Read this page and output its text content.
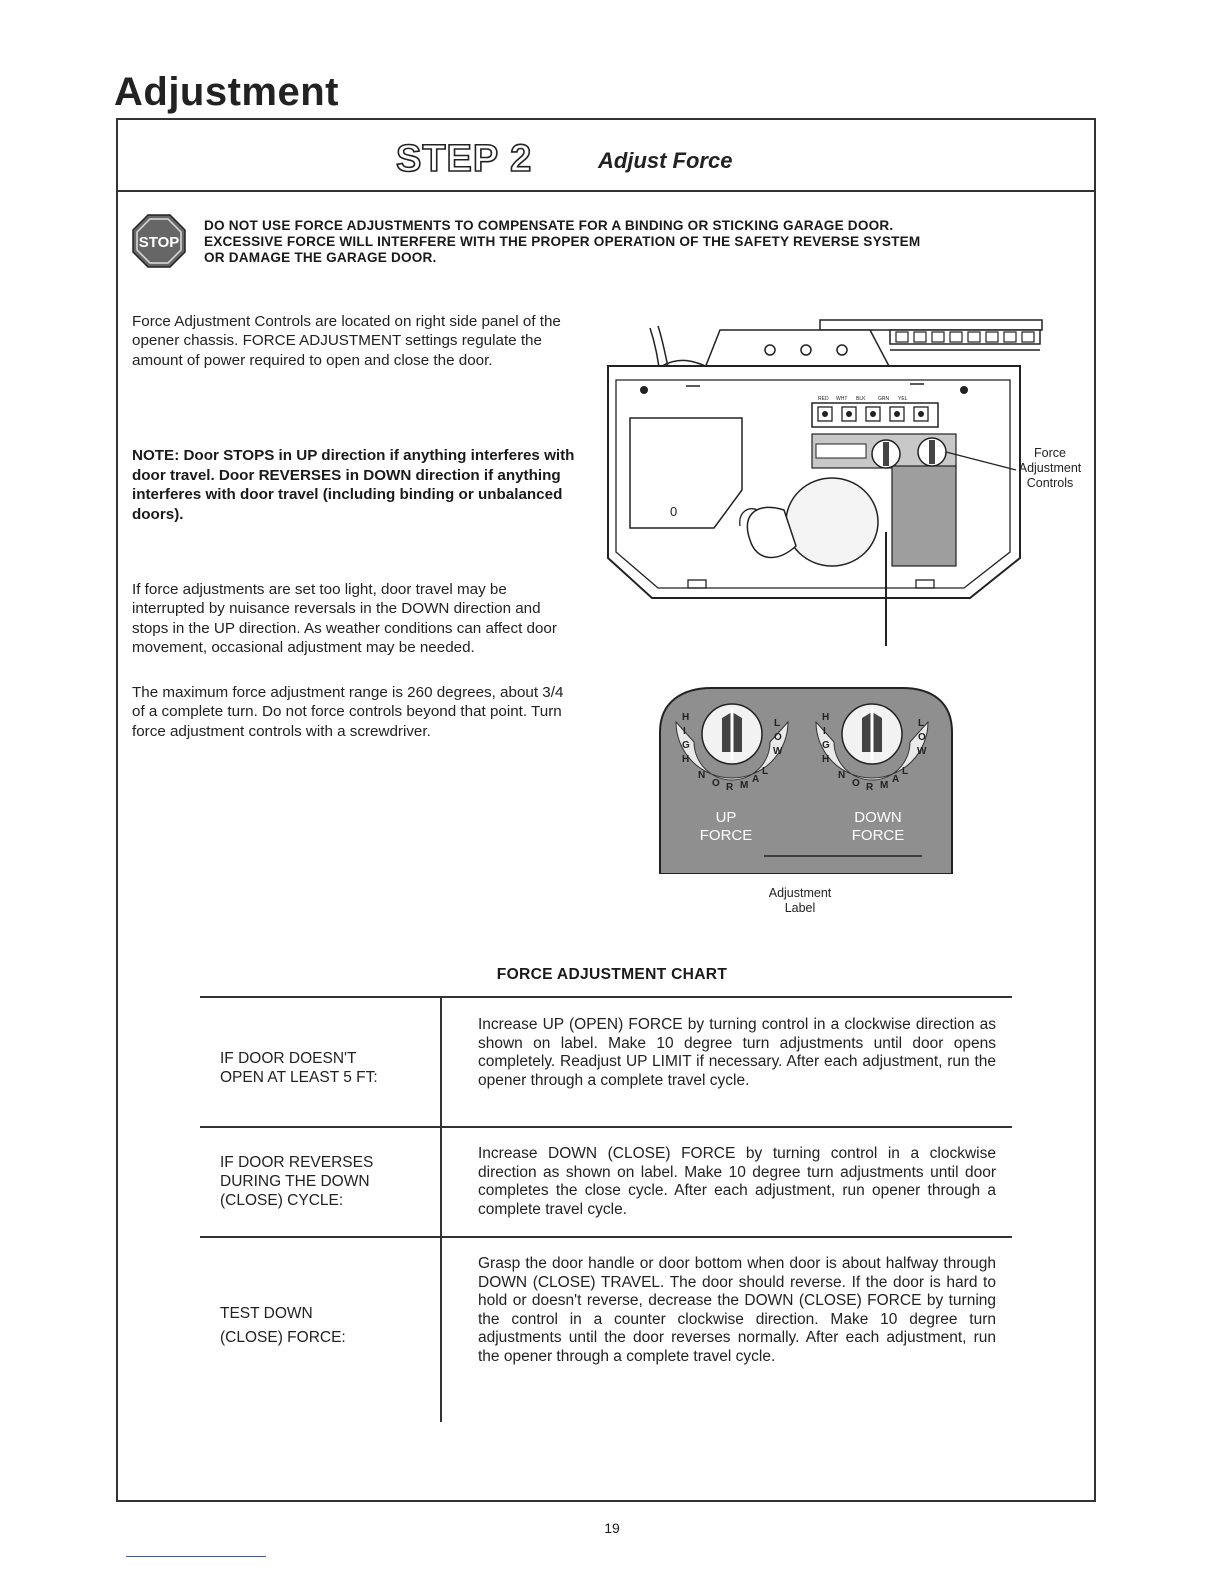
Adjustment
STEP 2	Adjust Force
STOP
DO NOT USE FORCE ADJUSTMENTS TO COMPENSATE FOR A BINDING OR STICKING GARAGE DOOR.
EXCESSIVE FORCE WILL INTERFERE WITH THE PROPER OPERATION OF THE SAFETY REVERSE SYSTEM
OR DAMAGE THE GARAGE DOOR.
Force Adjustment Controls are located on right side panel of the opener chassis. FORCE ADJUSTMENT settings regulate the amount of power required to open and close the door.
NOTE: Door STOPS in UP direction if anything interferes with door travel. Door REVERSES in DOWN direction if anything interferes with door travel (including binding or unbalanced doors).
If force adjustments are set too light, door travel may be interrupted by nuisance reversals in the DOWN direction and stops in the UP direction. As weather conditions can affect door movement, occasional adjustment may be needed.
The maximum force adjustment range is 260 degrees, about 3/4 of a complete turn. Do not force controls beyond that point. Turn force adjustment controls with a screwdriver.
RED WHT BLK	GRN YEL
0
Force
Adjustment
Controls
H
I
G
H
L
O
W
N
O R M
A
L
H
I
G
H
L
O
W
N
O R M
A
L
UP
FORCE
DOWN
FORCE
Adjustment
Label
FORCE ADJUSTMENT CHART
IF DOOR DOESN'T
OPEN AT LEAST 5 FT:
Increase UP (OPEN) FORCE by turning control in a clockwise direction as shown on label. Make 10 degree turn adjustments until door opens completely. Readjust UP LIMIT if necessary. After each adjustment, run the opener through a complete travel cycle.
IF DOOR REVERSES
DURING THE DOWN
(CLOSE) CYCLE:
Increase DOWN (CLOSE) FORCE by turning control in a clockwise direction as shown on label. Make 10 degree turn adjustments until door completes the close cycle. After each adjustment, run opener through a complete travel cycle.
TEST DOWN
(CLOSE) FORCE:
Grasp the door handle or door bottom when door is about halfway through DOWN (CLOSE) TRAVEL. The door should reverse. If the door is hard to hold or doesn't reverse, decrease the DOWN (CLOSE) FORCE by turning the control in a counter clockwise direction. Make 10 degree turn adjustments until the door reverses normally. After each adjustment, run the opener through a complete travel cycle.
19
